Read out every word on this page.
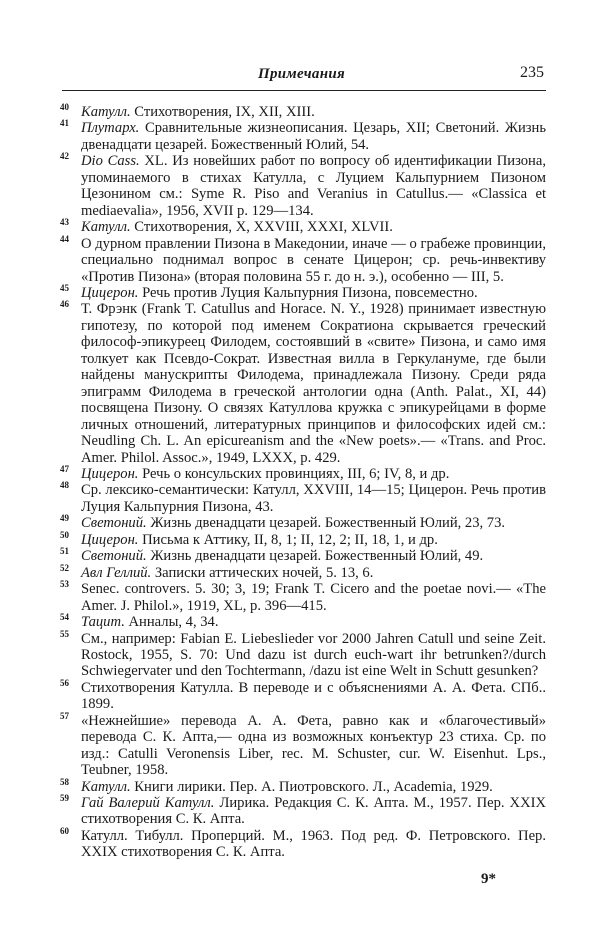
Примечания	235
40 Катулл. Стихотворения, IX, XII, XIII.
41 Плутарх. Сравнительные жизнеописания. Цезарь, XII; Светоний. Жизнь двенадцати цезарей. Божественный Юлий, 54.
42 Dio Cass. XL. Из новейших работ по вопросу об идентификации Пизона, упоминаемого в стихах Катулла, с Луцием Кальпурнием Пизоном Цезонином см.: Syme R. Piso and Veranius in Catullus.— «Classica et mediaevalia», 1956, XVII p. 129—134.
43 Катулл. Стихотворения, X, XXVIII, XXXI, XLVII.
44 О дурном правлении Пизона в Македонии, иначе — о грабеже провинции, специально поднимал вопрос в сенате Цицерон; ср. речь-инвективу «Против Пизона» (вторая половина 55 г. до н. э.), особенно — III, 5.
45 Цицерон. Речь против Луция Кальпурния Пизона, повсеместно.
46 Т. Фрэнк (Frank T. Catullus and Horace. N. Y., 1928) принимает известную гипотезу, по которой под именем Сократиона скрывается греческий философ-эпикуреец Филодем, состоявший в «свите» Пизона, и само имя толкует как Псевдо-Сократ. Известная вилла в Геркулануме, где были найдены манускрипты Филодема, принадлежала Пизону. Среди ряда эпиграмм Филодема в греческой антологии одна (Anth. Palat., XI, 44) посвящена Пизону. О связях Катуллова кружка с эпикурейцами в форме личных отношений, литературных принципов и философских идей см.: Neudling Ch. L. An epicureanism and the «New poets».— «Trans. and Proc. Amer. Philol. Assoc.», 1949, LXXX, p. 429.
47 Цицерон. Речь о консульских провинциях, III, 6; IV, 8, и др.
48 Ср. лексико-семантически: Катулл, XXVIII, 14—15; Цицерон. Речь против Луция Кальпурния Пизона, 43.
49 Светоний. Жизнь двенадцати цезарей. Божественный Юлий, 23, 73.
50 Цицерон. Письма к Аттику, II, 8, 1; II, 12, 2; II, 18, 1, и др.
51 Светоний. Жизнь двенадцати цезарей. Божественный Юлий, 49.
52 Авл Геллий. Записки аттических ночей, 5. 13, 6.
53 Senec. controvers. 5. 30; 3, 19; Frank T. Cicero and the poetae novi.— «The Amer. J. Philol.», 1919, XL, p. 396—415.
54 Тацит. Анналы, 4, 34.
55 См., например: Fabian E. Liebeslieder vor 2000 Jahren Catull und seine Zeit. Rostock, 1955, S. 70: Und dazu ist durch euch-wart ihr betrunken?/durch Schwiegervater und den Tochtermann, /dazu ist eine Welt in Schutt gesunken?
56 Стихотворения Катулла. В переводе и с объяснениями А. А. Фета. СПб.. 1899.
57 «Нежнейшие» перевода А. А. Фета, равно как и «благочестивый» перевода С. К. Апта,— одна из возможных конъектур 23 стиха. Ср. по изд.: Catulli Veronensis Liber, rec. M. Schuster, cur. W. Eisenhut. Lps., Teubner, 1958.
58 Катулл. Книги лирики. Пер. А. Пиотровского. Л., Academia, 1929.
59 Гай Валерий Катулл. Лирика. Редакция С. К. Апта. М., 1957. Пер. XXIX стихотворения С. К. Апта.
60 Катулл. Тибулл. Проперций. М., 1963. Под ред. Ф. Петровского. Пер. XXIX стихотворения С. К. Апта.
9*
